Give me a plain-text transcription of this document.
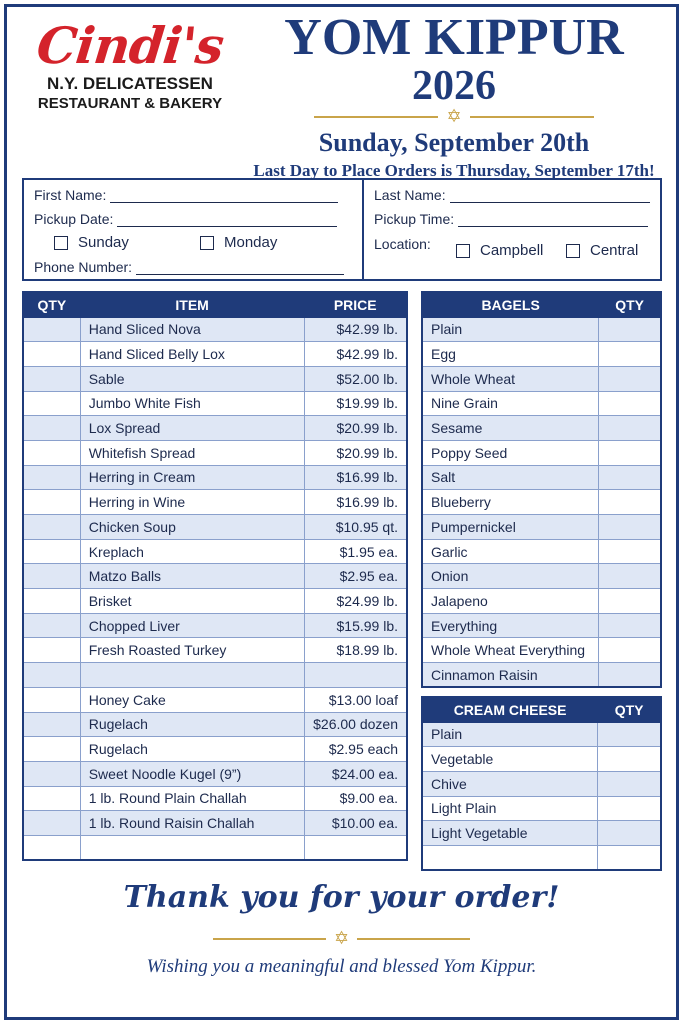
Cindi's
N.Y. DELICATESSEN
RESTAURANT & BAKERY
YOM KIPPUR
2026
✡
Sunday, September 20th
Last Day to Place Orders is Thursday, September 17th!
First Name:
Pickup Date:
Sunday	Monday
Phone Number:
Last Name:
Pickup Time:
Location:	Campbell	Central
QTY	ITEM	PRICE
	Hand Sliced Nova	$42.99 lb.
	Hand Sliced Belly Lox	$42.99 lb.
	Sable	$52.00 lb.
	Jumbo White Fish	$19.99 lb.
	Lox Spread	$20.99 lb.
	Whitefish Spread	$20.99 lb.
	Herring in Cream	$16.99 lb.
	Herring in Wine	$16.99 lb.
	Chicken Soup	$10.95 qt.
	Kreplach	$1.95 ea.
	Matzo Balls	$2.95 ea.
	Brisket	$24.99 lb.
	Chopped Liver	$15.99 lb.
	Fresh Roasted Turkey	$18.99 lb.

	Honey Cake	$13.00 loaf
	Rugelach	$26.00 dozen
	Rugelach	$2.95 each
	Sweet Noodle Kugel (9”)	$24.00 ea.
	1 lb. Round Plain Challah	$9.00 ea.
	1 lb. Round Raisin Challah	$10.00 ea.

BAGELS	QTY
Plain	
Egg	
Whole Wheat	
Nine Grain	
Sesame	
Poppy Seed	
Salt	
Blueberry	
Pumpernickel	
Garlic	
Onion	
Jalapeno	
Everything	
Whole Wheat Everything	
Cinnamon Raisin	
CREAM CHEESE	QTY
Plain	
Vegetable	
Chive	
Light Plain	
Light Vegetable	

Thank you for your order!
✡
Wishing you a meaningful and blessed Yom Kippur.
